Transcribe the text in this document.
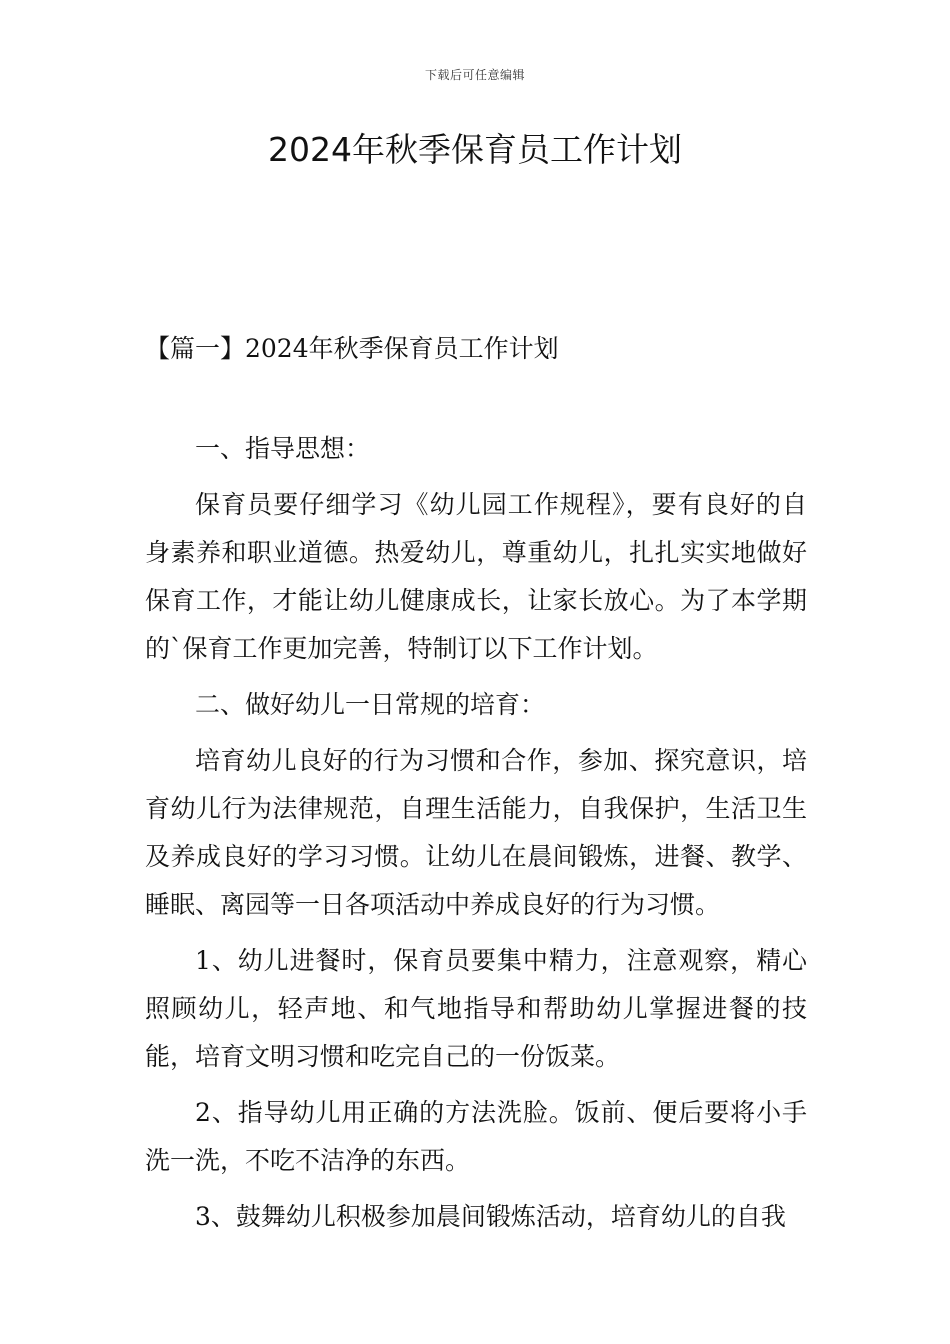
下载后可任意编辑
2024年秋季保育员工作计划

【篇一】2024年秋季保育员工作计划

一、指导思想：

保育员要仔细学习《幼儿园工作规程》，要有良好的自身素养和职业道德。热爱幼儿，尊重幼儿，扎扎实实地做好保育工作，才能让幼儿健康成长，让家长放心。为了本学期的`保育工作更加完善，特制订以下工作计划。

二、做好幼儿一日常规的培育：

培育幼儿良好的行为习惯和合作，参加、探究意识，培育幼儿行为法律规范，自理生活能力，自我保护，生活卫生及养成良好的学习习惯。让幼儿在晨间锻炼，进餐、教学、睡眠、离园等一日各项活动中养成良好的行为习惯。

1、幼儿进餐时，保育员要集中精力，注意观察，精心照顾幼儿，轻声地、和气地指导和帮助幼儿掌握进餐的技能，培育文明习惯和吃完自己的一份饭菜。

2、指导幼儿用正确的方法洗脸。饭前、便后要将小手洗一洗，不吃不洁净的东西。

3、鼓舞幼儿积极参加晨间锻炼活动，培育幼儿的自我
